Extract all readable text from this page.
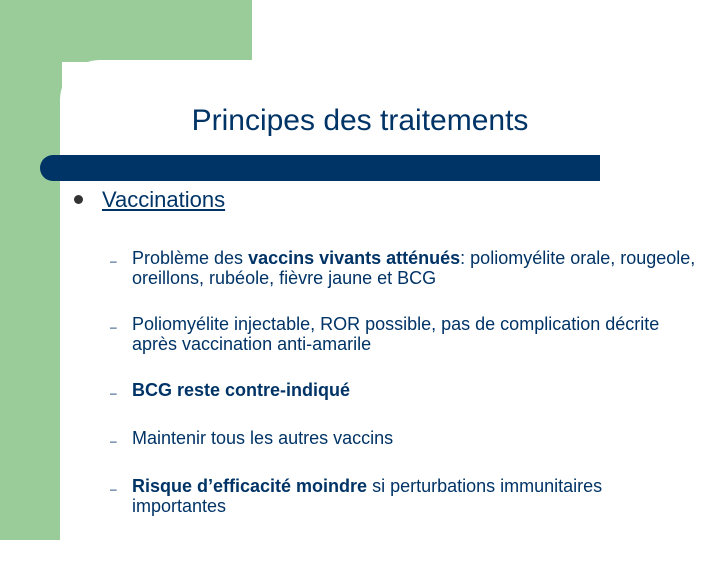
Principes des traitements
Vaccinations
– Problème des vaccins vivants atténués: poliomyélite orale, rougeole, oreillons, rubéole, fièvre jaune et BCG
– Poliomyélite injectable, ROR possible, pas de complication décrite après vaccination anti-amarile
– BCG reste contre-indiqué
– Maintenir tous les autres vaccins
– Risque d’efficacité moindre si perturbations immunitaires importantes
